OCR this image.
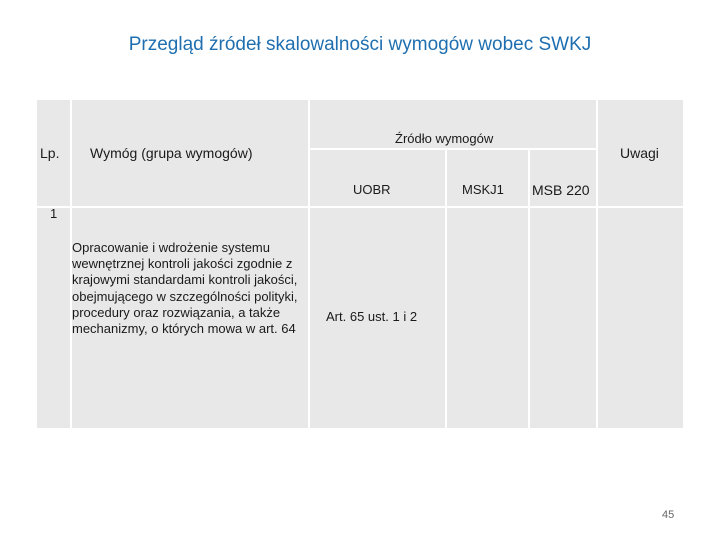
Przegląd źródeł skalowalności wymogów wobec SWKJ
Lp. Wymóg (grupa wymogów)
Źródło wymogów
UOBR	MSKJ1 MSB 220
Uwagi
1
Opracowanie i wdrożenie systemu wewnętrznej kontroli jakości zgodnie z krajowymi standardami kontroli jakości, obejmującego w szczególności polityki, procedury oraz rozwiązania, a także mechanizmy, o których mowa w art. 64
Art. 65 ust. 1 i 2
45
